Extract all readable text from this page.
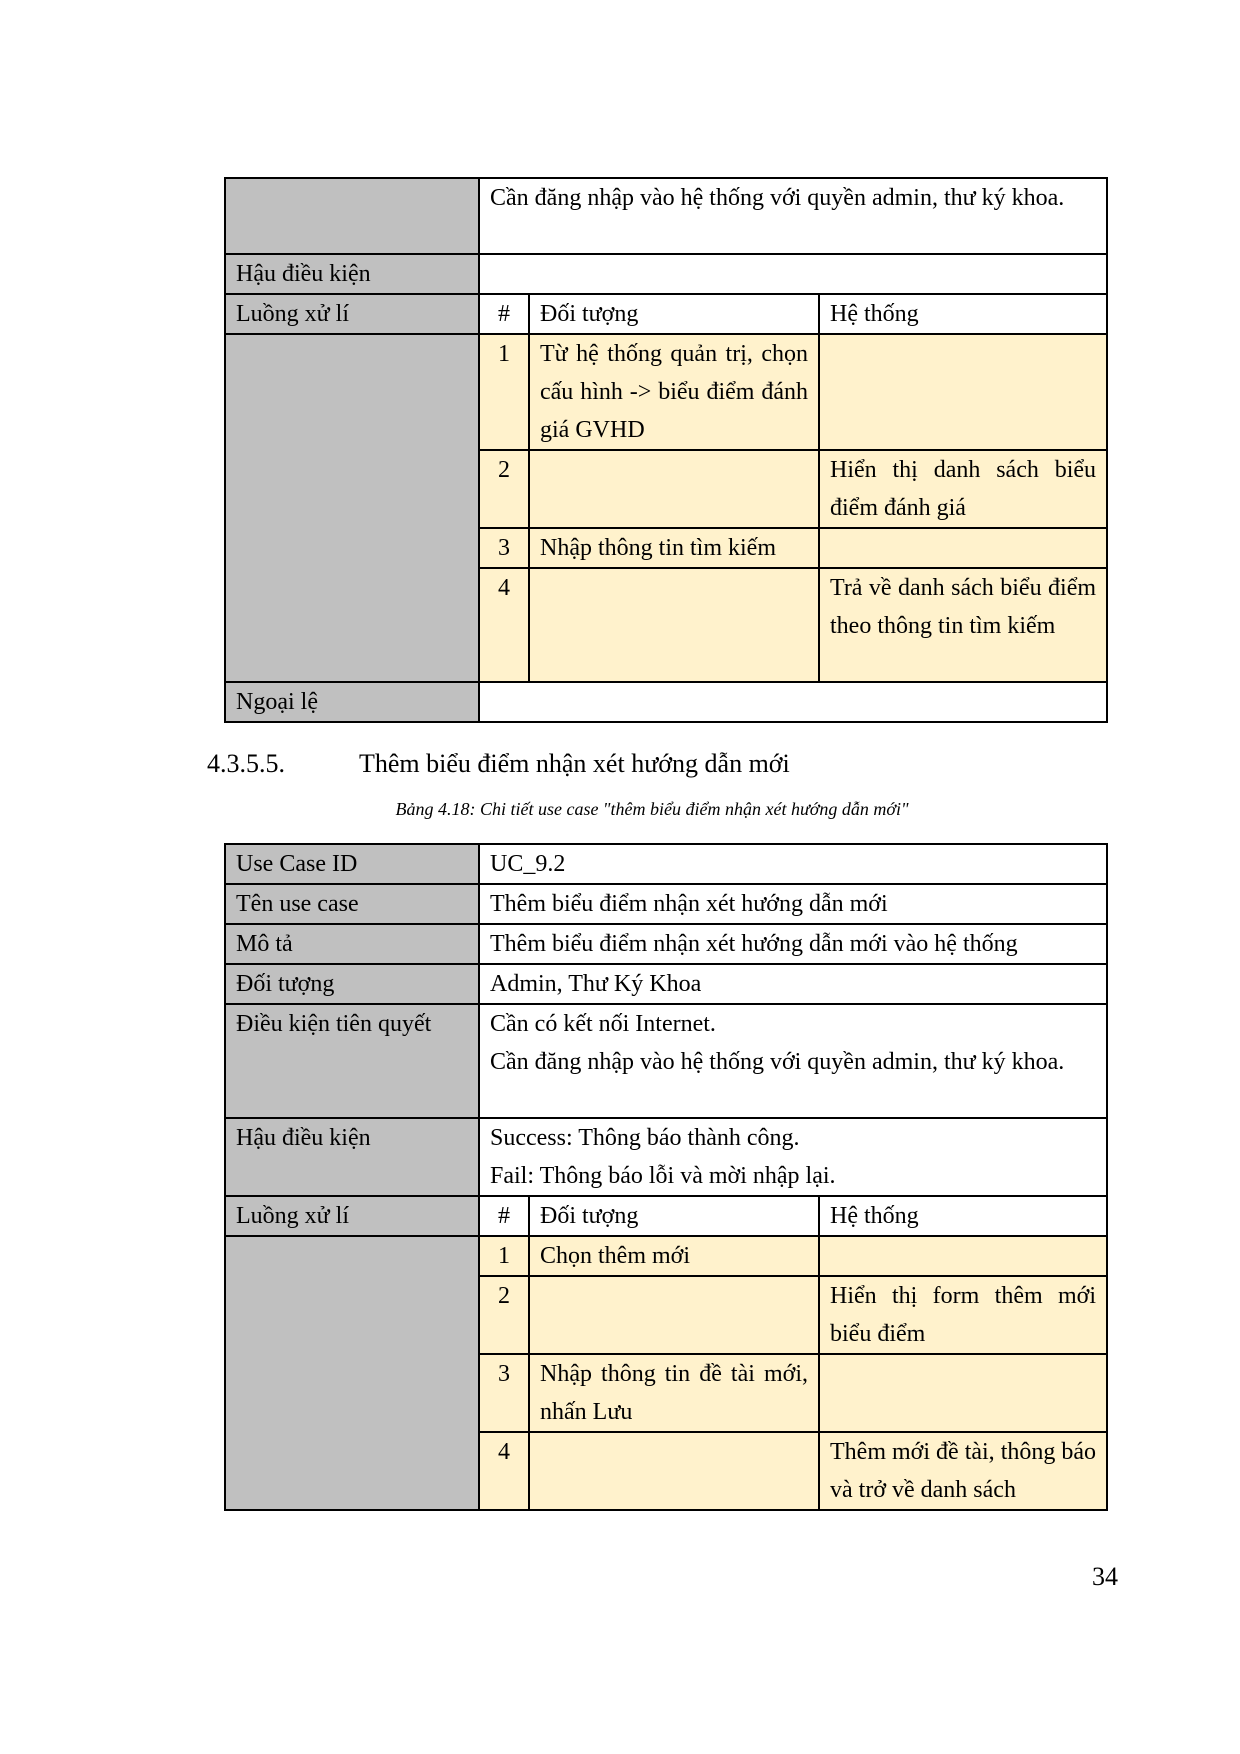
	Cần đăng nhập vào hệ thống với quyền admin, thư ký khoa.		
Hậu điều kiện			
Luồng xử lí	#	Đối tượng	Hệ thống
	1	Từ hệ thống quản trị, chọn cấu hình -> biểu điểm đánh giá GVHD	
	2		Hiển thị danh sách biểu điểm đánh giá
	3	Nhập thông tin tìm kiếm	
	4		Trả về danh sách biểu điểm theo thông tin tìm kiếm
Ngoại lệ			
4.3.5.5.	Thêm biểu điểm nhận xét hướng dẫn mới
Bảng 4.18: Chi tiết use case "thêm biểu điểm nhận xét hướng dẫn mới"
Use Case ID	UC_9.2		
Tên use case	Thêm biểu điểm nhận xét hướng dẫn mới		
Mô tả	Thêm biểu điểm nhận xét hướng dẫn mới vào hệ thống		
Đối tượng	Admin, Thư Ký Khoa		
Điều kiện tiên quyết	Cần có kết nối Internet.
Cần đăng nhập vào hệ thống với quyền admin, thư ký khoa.		

Hậu điều kiện	Success: Thông báo thành công.
Fail: Thông báo lỗi và mời nhập lại.		

Luồng xử lí	#	Đối tượng	Hệ thống
	1	Chọn thêm mới	
	2		Hiển thị form thêm mới biểu điểm
	3	Nhập thông tin đề tài mới, nhấn Lưu	
	4		Thêm mới đề tài, thông báo và trở về danh sách
34
